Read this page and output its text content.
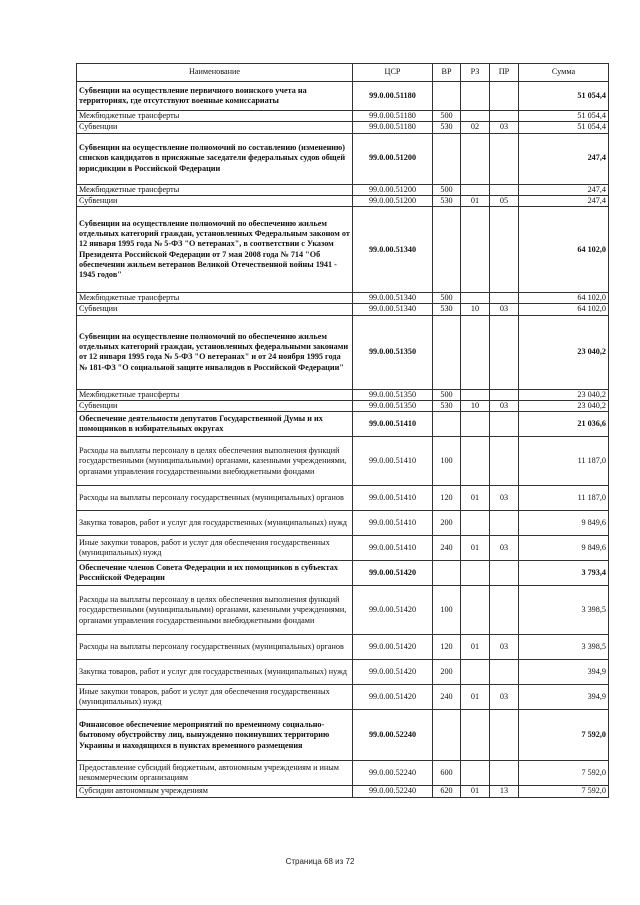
Наименование	ЦСР	ВР	РЗ	ПР	Сумма
Субвенции на осуществление первичного воинского учета на территориях, где отсутствуют военные комиссариаты	99.0.00.51180				51 054,4
Межбюджетные трансферты	99.0.00.51180	500			51 054,4
Субвенции	99.0.00.51180	530	02	03	51 054,4
Субвенции на осуществление полномочий по составлению (изменению) списков кандидатов в присяжные заседатели федеральных судов общей юрисдикции в Российской Федерации	99.0.00.51200				247,4
Межбюджетные трансферты	99.0.00.51200	500			247,4
Субвенции	99.0.00.51200	530	01	05	247,4
Субвенции на осуществление полномочий по обеспечению жильем отдельных категорий граждан, установленных Федеральным законом от 12 января 1995 года № 5-ФЗ "О ветеранах", в соответствии с Указом Президента Российской Федерации от 7 мая 2008 года № 714 "Об обеспечении жильем ветеранов Великой Отечественной войны 1941 - 1945 годов"	99.0.00.51340				64 102,0
Межбюджетные трансферты	99.0.00.51340	500			64 102,0
Субвенции	99.0.00.51340	530	10	03	64 102,0
Субвенции на осуществление полномочий по обеспечению жильем отдельных категорий граждан, установленных федеральными законами от 12 января 1995 года № 5-ФЗ "О ветеранах" и от 24 ноября 1995 года № 181-ФЗ "О социальной защите инвалидов в Российской Федерации"	99.0.00.51350				23 040,2
Межбюджетные трансферты	99.0.00.51350	500			23 040,2
Субвенции	99.0.00.51350	530	10	03	23 040,2
Обеспечение деятельности депутатов Государственной Думы и их помощников в избирательных округах	99.0.00.51410				21 036,6
Расходы на выплаты персоналу в целях обеспечения выполнения функций государственными (муниципальными) органами, казенными учреждениями, органами управления государственными внебюджетными фондами	99.0.00.51410	100			11 187,0
Расходы на выплаты персоналу государственных (муниципальных) органов	99.0.00.51410	120	01	03	11 187,0
Закупка товаров, работ и услуг для государственных (муниципальных) нужд	99.0.00.51410	200			9 849,6
Иные закупки товаров, работ и услуг для обеспечения государственных (муниципальных) нужд	99.0.00.51410	240	01	03	9 849,6
Обеспечение членов Совета Федерации и их помощников в субъектах Российской Федерации	99.0.00.51420				3 793,4
Расходы на выплаты персоналу в целях обеспечения выполнения функций государственными (муниципальными) органами, казенными учреждениями, органами управления государственными внебюджетными фондами	99.0.00.51420	100			3 398,5
Расходы на выплаты персоналу государственных (муниципальных) органов	99.0.00.51420	120	01	03	3 398,5
Закупка товаров, работ и услуг для государственных (муниципальных) нужд	99.0.00.51420	200			394,9
Иные закупки товаров, работ и услуг для обеспечения государственных (муниципальных) нужд	99.0.00.51420	240	01	03	394,9
Финансовое обеспечение мероприятий по временному социально-бытовому обустройству лиц, вынужденно покинувших территорию Украины и находящихся в пунктах временного размещения	99.0.00.52240				7 592,0
Предоставление субсидий бюджетным, автономным учреждениям и иным некоммерческим организациям	99.0.00.52240	600			7 592,0
Субсидии автономным учреждениям	99.0.00.52240	620	01	13	7 592,0
Страница 68 из 72
